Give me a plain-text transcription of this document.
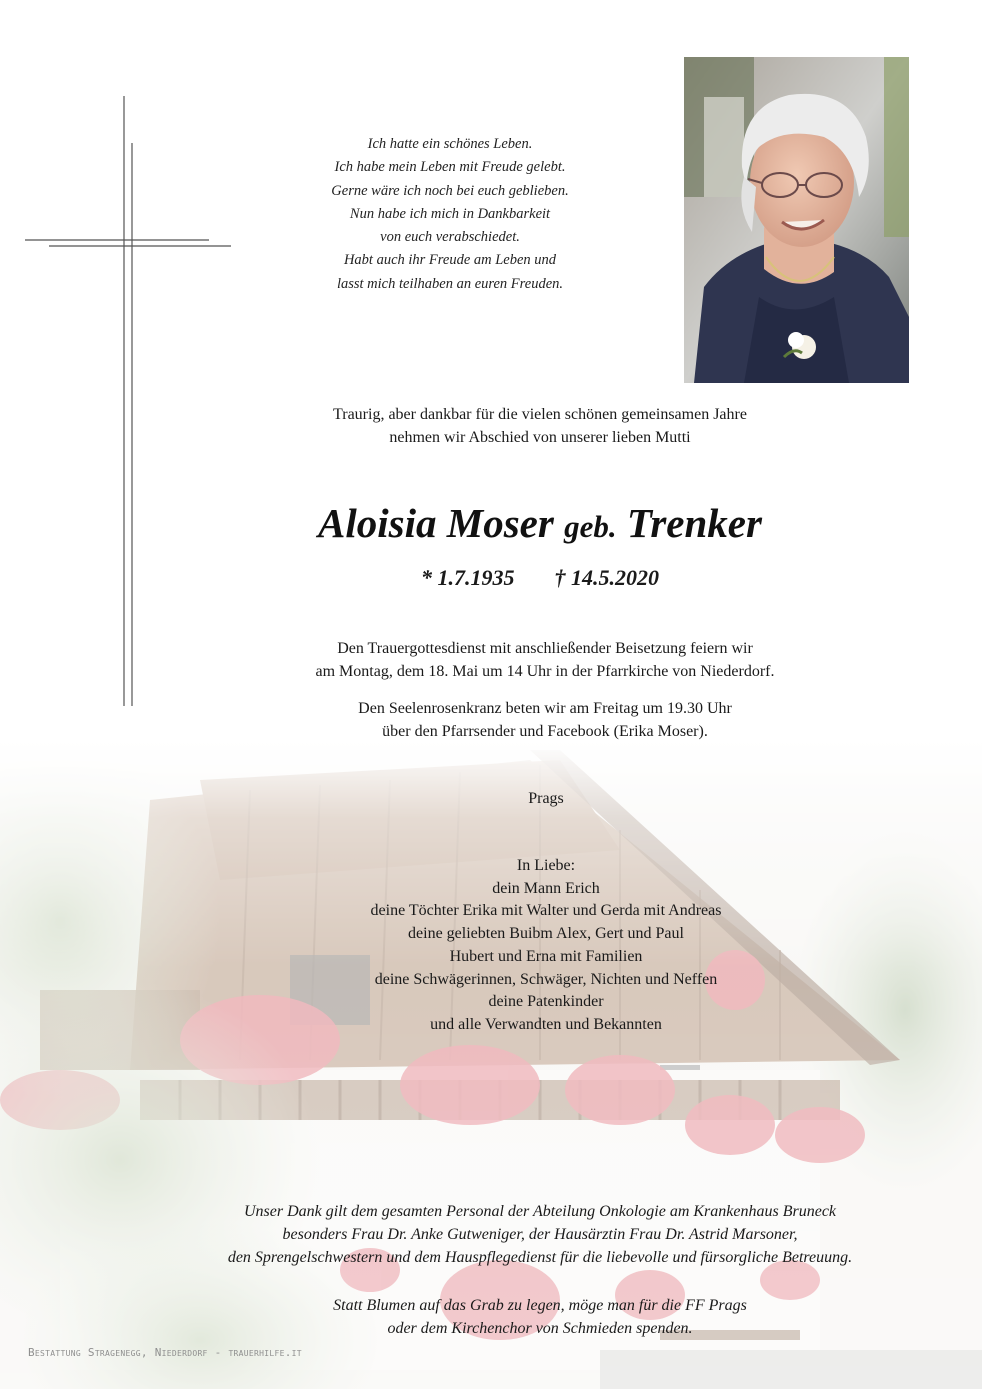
Ich hatte ein schönes Leben.
Ich habe mein Leben mit Freude gelebt.
Gerne wäre ich noch bei euch geblieben.
Nun habe ich mich in Dankbarkeit
von euch verabschiedet.
Habt auch ihr Freude am Leben und
lasst mich teilhaben an euren Freuden.
Traurig, aber dankbar für die vielen schönen gemeinsamen Jahre
nehmen wir Abschied von unserer lieben Mutti
Aloisia Moser geb. Trenker
* 1.7.1935 † 14.5.2020
Den Trauergottesdienst mit anschließender Beisetzung feiern wir
am Montag, dem 18. Mai um 14 Uhr in der Pfarrkirche von Niederdorf.
Den Seelenrosenkranz beten wir am Freitag um 19.30 Uhr
über den Pfarrsender und Facebook (Erika Moser).
Prags
In Liebe:
dein Mann Erich
deine Töchter Erika mit Walter und Gerda mit Andreas
deine geliebten Buibm Alex, Gert und Paul
Hubert und Erna mit Familien
deine Schwägerinnen, Schwäger, Nichten und Neffen
deine Patenkinder
und alle Verwandten und Bekannten
Unser Dank gilt dem gesamten Personal der Abteilung Onkologie am Krankenhaus Bruneck
besonders Frau Dr. Anke Gutweniger, der Hausärztin Frau Dr. Astrid Marsoner,
den Sprengelschwestern und dem Hauspflegedienst für die liebevolle und fürsorgliche Betreuung.
Statt Blumen auf das Grab zu legen, möge man für die FF Prags
oder dem Kirchenchor von Schmieden spenden.
Bestattung Stragenegg, Niederdorf - trauerhilfe.it
